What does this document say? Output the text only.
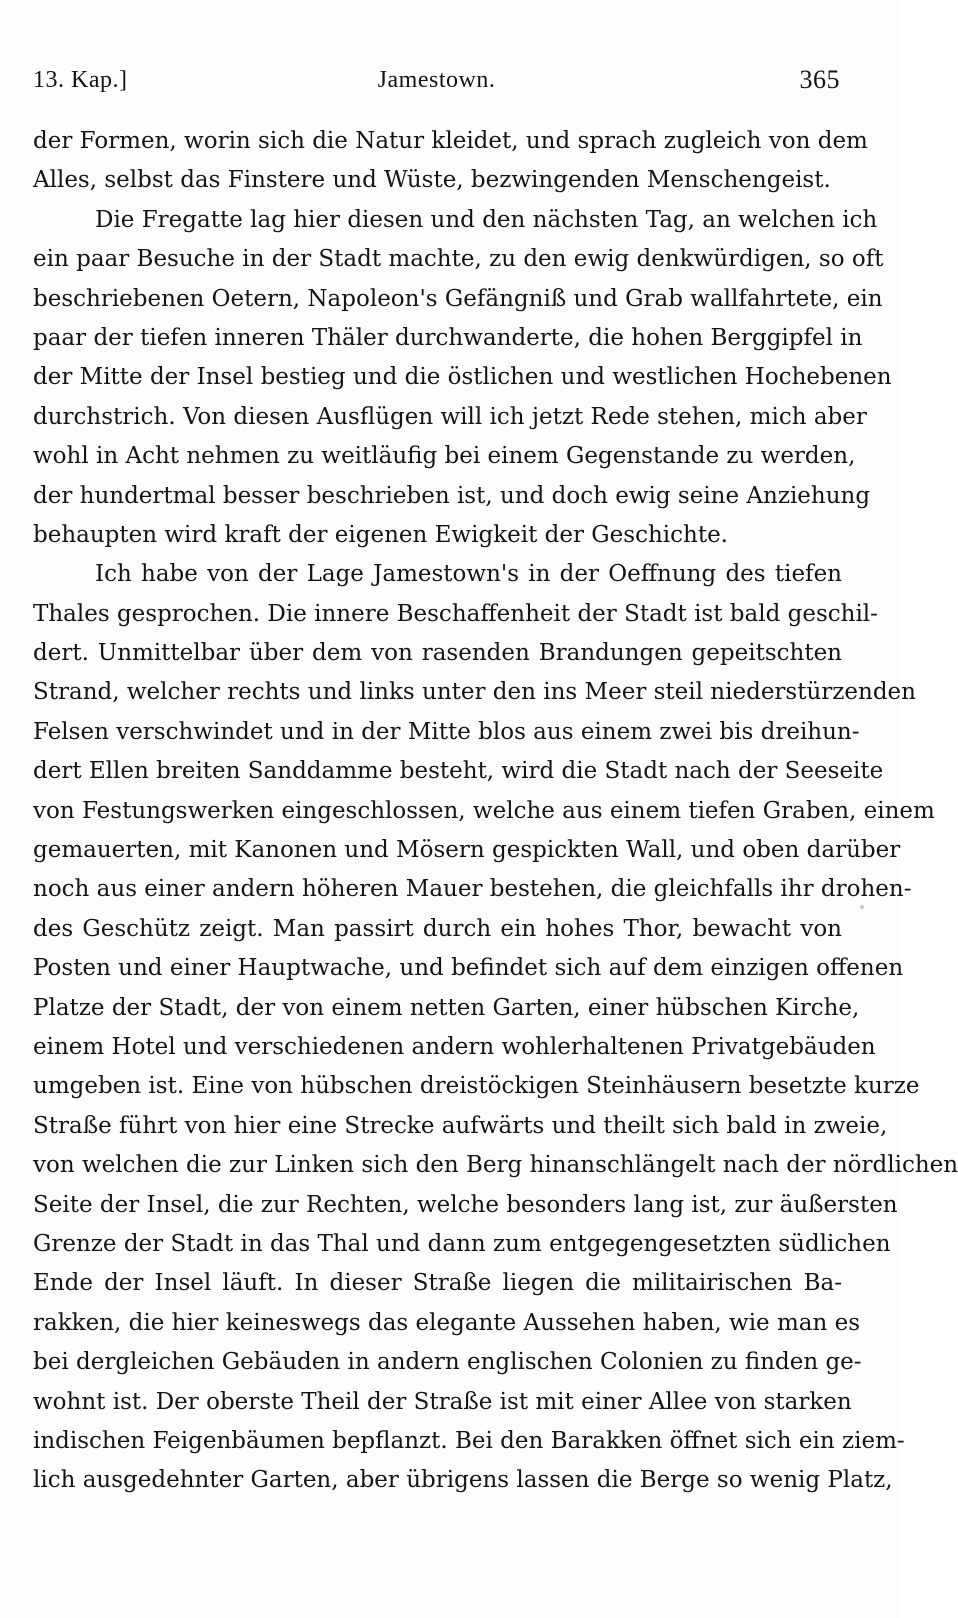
Jamestown.
13. Kap.]	365
der Formen, worin sich die Natur kleidet, und sprach zugleich von dem
Alles, selbst das Finstere und Wüste, bezwingenden Menschengeist.
Die Fregatte lag hier diesen und den nächsten Tag, an welchen ich
ein paar Besuche in der Stadt machte, zu den ewig denkwürdigen, so oft
beschriebenen Oetern, Napoleon's Gefängniß und Grab wallfahrtete, ein
paar der tiefen inneren Thäler durchwanderte, die hohen Berggipfel in
der Mitte der Insel bestieg und die östlichen und westlichen Hochebenen
durchstrich. Von diesen Ausflügen will ich jetzt Rede stehen, mich aber
wohl in Acht nehmen zu weitläufig bei einem Gegenstande zu werden,
der hundertmal besser beschrieben ist, und doch ewig seine Anziehung
behaupten wird kraft der eigenen Ewigkeit der Geschichte.
Ich habe von der Lage Jamestown's in der Oeffnung des tiefen
Thales gesprochen. Die innere Beschaffenheit der Stadt ist bald geschil-
dert. Unmittelbar über dem von rasenden Brandungen gepeitschten
Strand, welcher rechts und links unter den ins Meer steil niederstürzenden
Felsen verschwindet und in der Mitte blos aus einem zwei bis dreihun-
dert Ellen breiten Sanddamme besteht, wird die Stadt nach der Seeseite
von Festungswerken eingeschlossen, welche aus einem tiefen Graben, einem
gemauerten, mit Kanonen und Mösern gespickten Wall, und oben darüber
noch aus einer andern höheren Mauer bestehen, die gleichfalls ihr drohen-
des Geschütz zeigt. Man passirt durch ein hohes Thor, bewacht von
Posten und einer Hauptwache, und befindet sich auf dem einzigen offenen
Platze der Stadt, der von einem netten Garten, einer hübschen Kirche,
einem Hotel und verschiedenen andern wohlerhaltenen Privatgebäuden
umgeben ist. Eine von hübschen dreistöckigen Steinhäusern besetzte kurze
Straße führt von hier eine Strecke aufwärts und theilt sich bald in zweie,
von welchen die zur Linken sich den Berg hinanschlängelt nach der nördlichen
Seite der Insel, die zur Rechten, welche besonders lang ist, zur äußersten
Grenze der Stadt in das Thal und dann zum entgegengesetzten südlichen
Ende der Insel läuft. In dieser Straße liegen die militairischen Ba-
rakken, die hier keineswegs das elegante Aussehen haben, wie man es
bei dergleichen Gebäuden in andern englischen Colonien zu finden ge-
wohnt ist. Der oberste Theil der Straße ist mit einer Allee von starken
indischen Feigenbäumen bepflanzt. Bei den Barakken öffnet sich ein ziem-
lich ausgedehnter Garten, aber übrigens lassen die Berge so wenig Platz,
